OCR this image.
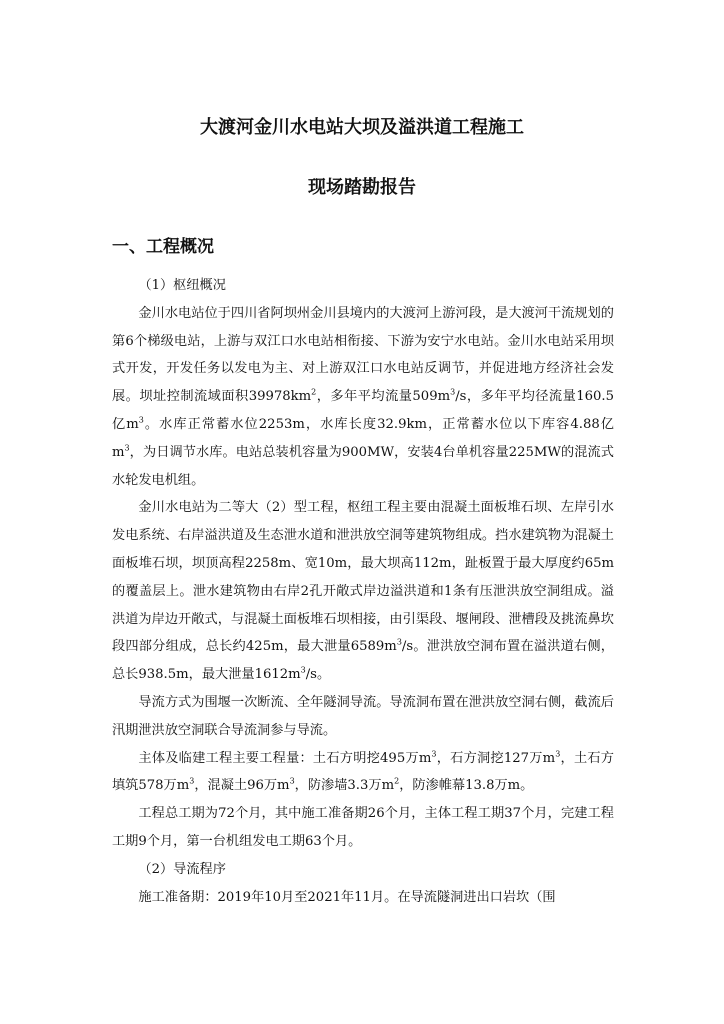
大渡河金川水电站大坝及溢洪道工程施工
现场踏勘报告
一、工程概况

（1）枢纽概况

金川水电站位于四川省阿坝州金川县境内的大渡河上游河段，是大渡河干流规划的第6个梯级电站，上游与双江口水电站相衔接、下游为安宁水电站。金川水电站采用坝式开发，开发任务以发电为主、对上游双江口水电站反调节，并促进地方经济社会发展。坝址控制流域面积$39978km^2$，多年平均流量$509m^3/s$，多年平均径流量160.5亿$m^3$。水库正常蓄水位2253m，水库长度32.9km，正常蓄水位以下库容4.88亿$m^3$，为日调节水库。电站总装机容量为900MW，安装4台单机容量225MW的混流式水轮发电机组。

金川水电站为二等大（2）型工程，枢纽工程主要由混凝土面板堆石坝、左岸引水发电系统、右岸溢洪道及生态泄水道和泄洪放空洞等建筑物组成。挡水建筑物为混凝土面板堆石坝，坝顶高程2258m、宽10m，最大坝高112m，趾板置于最大厚度约65m的覆盖层上。泄水建筑物由右岸2孔开敞式岸边溢洪道和1条有压泄洪放空洞组成。溢洪道为岸边开敞式，与混凝土面板堆石坝相接，由引渠段、堰闸段、泄槽段及挑流鼻坎段四部分组成，总长约425m，最大泄量$6589m^3/s$。泄洪放空洞布置在溢洪道右侧，总长938.5m，最大泄量$1612m^3/s$。

导流方式为围堰一次断流、全年隧洞导流。导流洞布置在泄洪放空洞右侧，截流后汛期泄洪放空洞联合导流洞参与导流。

主体及临建工程主要工程量：土石方明挖495万$m^3$，石方洞挖127万$m^3$，土石方填筑578万$m^3$，混凝土96万$m^3$，防渗墙3.3万$m^2$，防渗帷幕13.8万m。

工程总工期为72个月，其中施工准备期26个月，主体工程工期37个月，完建工程工期9个月，第一台机组发电工期63个月。

（2）导流程序

施工准备期：2019年10月至2021年11月。在导流隧洞进出口岩坎（围
